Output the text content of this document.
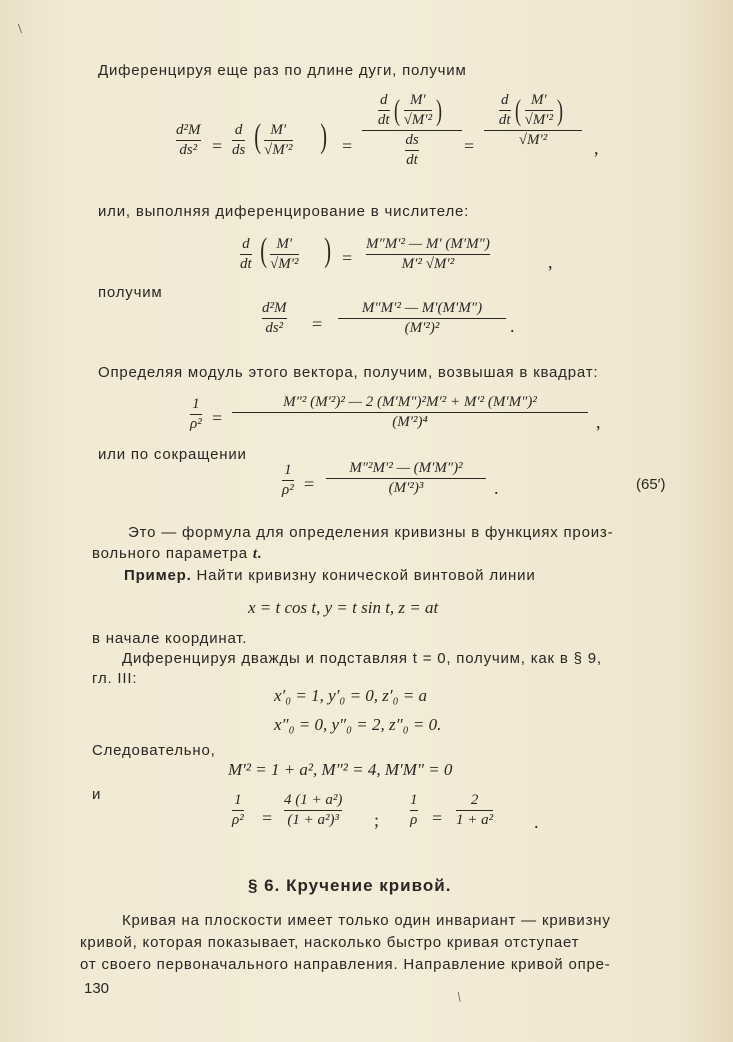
\
Диференцируя еще раз по длине дуги, получим
d²M
ds² =
d
ds ( M′
√M′² ) =
$\frac{d}{dt}$ ( $\frac{M'}{\text{√M′²}}$ )
$\frac{ds}{dt}$	=
$\frac{d}{dt}$ ( $\frac{M'}{\text{√M′²}}$ )
√M′²	,
или, выполняя диференцирование в числителе:
d
dt ( M′
√M′² ) =
M″M′² — M′ (M′M″)
M′² √M′²	,
получим
d²M
ds² =
M″M′² — M′(M′M″)
(M′²)²	.
Определяя модуль этого вектора, получим, возвышая в квадрат:
1
ρ² =
M″² (M′²)² — 2 (M′M″)²M′² + M′² (M′M″)²
(M′²)⁴	,
или по сокращении
1
ρ² =
M″²M′² — (M′M″)²
(M′²)³	.	(65′)
Это — формула для определения кривизны в функциях произ-
вольного параметра t.
Пример. Найти кривизну конической винтовой линии
x = t cos t, y = t sin t, z = at
в начале координат.
Диференцируя дважды и подставляя t = 0, получим, как в § 9,
гл. III:
x′₀ = 1, y′₀ = 0, z′₀ = a
x″₀ = 0, y″₀ = 2, z″₀ = 0.
Следовательно,
M′² = 1 + a², M″² = 4, M′M″ = 0
и	1
ρ² =
4 (1 + a²)
(1 + a²)³ ;
1
ρ =
2
1 + a² .
§ 6. Кручение кривой.
Кривая на плоскости имеет только один инвариант — кривизну
кривой, которая показывает, насколько быстро кривая отступает
от своего первоначального направления. Направление кривой опре-
130
/
